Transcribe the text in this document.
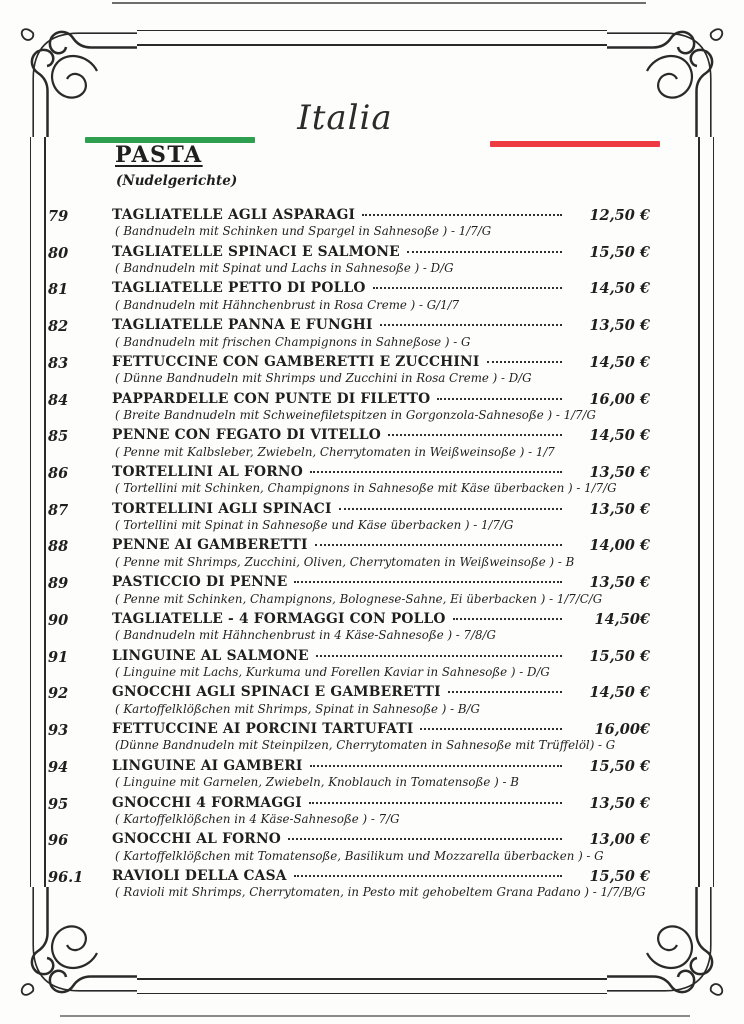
Italia
PASTA
(Nudelgerichte)
79	TAGLIATELLE AGLI ASPARAGI	12,50 €
( Bandnudeln mit Schinken und Spargel in Sahnesoße ) - 1/7/G
80	TAGLIATELLE SPINACI E SALMONE	15,50 €
( Bandnudeln mit Spinat und Lachs in Sahnesoße ) - D/G
81	TAGLIATELLE PETTO DI POLLO	14,50 €
( Bandnudeln mit Hähnchenbrust in Rosa Creme ) - G/1/7
82	TAGLIATELLE PANNA E FUNGHI	13,50 €
( Bandnudeln mit frischen Champignons in Sahneßose ) - G
83	FETTUCCINE CON GAMBERETTI E ZUCCHINI	14,50 €
( Dünne Bandnudeln mit Shrimps und Zucchini in Rosa Creme ) - D/G
84	PAPPARDELLE CON PUNTE DI FILETTO	16,00 €
( Breite Bandnudeln mit Schweinefiletspitzen in Gorgonzola-Sahnesoße ) - 1/7/G
85	PENNE CON FEGATO DI VITELLO	14,50 €
( Penne mit Kalbsleber, Zwiebeln, Cherrytomaten in Weißweinsoße ) - 1/7
86	TORTELLINI AL FORNO	13,50 €
( Tortellini mit Schinken, Champignons in Sahnesoße mit Käse überbacken ) - 1/7/G
87	TORTELLINI AGLI SPINACI	13,50 €
( Tortellini mit Spinat in Sahnesoße und Käse überbacken ) - 1/7/G
88	PENNE AI GAMBERETTI	14,00 €
( Penne mit Shrimps, Zucchini, Oliven, Cherrytomaten in Weißweinsoße ) - B
89	PASTICCIO DI PENNE	13,50 €
( Penne mit Schinken, Champignons, Bolognese-Sahne, Ei überbacken ) - 1/7/C/G
90	TAGLIATELLE - 4 FORMAGGI CON POLLO	14,50€
( Bandnudeln mit Hähnchenbrust in 4 Käse-Sahnesoße ) - 7/8/G
91	LINGUINE AL SALMONE	15,50 €
( Linguine mit Lachs, Kurkuma und Forellen Kaviar in Sahnesoße ) - D/G
92	GNOCCHI AGLI SPINACI E GAMBERETTI	14,50 €
( Kartoffelklößchen mit Shrimps, Spinat in Sahnesoße ) - B/G
93	FETTUCCINE AI PORCINI TARTUFATI	16,00€
(Dünne Bandnudeln mit Steinpilzen, Cherrytomaten in Sahnesoße mit Trüffelöl) - G
94	LINGUINE AI GAMBERI	15,50 €
( Linguine mit Garnelen, Zwiebeln, Knoblauch in Tomatensoße ) - B
95	GNOCCHI 4 FORMAGGI	13,50 €
( Kartoffelklößchen in 4 Käse-Sahnesoße ) - 7/G
96	GNOCCHI AL FORNO	13,00 €
( Kartoffelklößchen mit Tomatensoße, Basilikum und Mozzarella überbacken ) - G
96.1	RAVIOLI DELLA CASA	15,50 €
( Ravioli mit Shrimps, Cherrytomaten, in Pesto mit gehobeltem Grana Padano ) - 1/7/B/G
